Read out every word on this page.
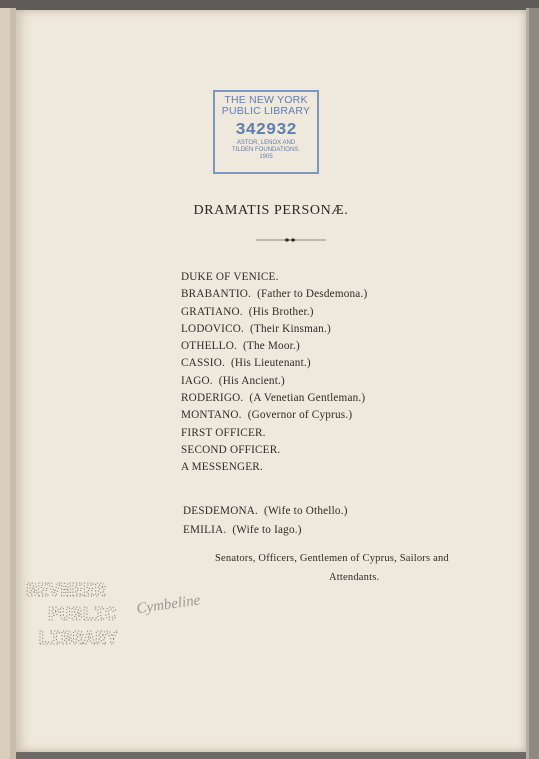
THE NEW YORK
PUBLIC LIBRARY
342932
ASTOR, LENOX AND
TILDEN FOUNDATIONS.
1905
DRAMATIS PERSONÆ.
DUKE OF VENICE.
BRABANTIO. (Father to Desdemona.)
GRATIANO. (His Brother.)
LODOVICO. (Their Kinsman.)
OTHELLO. (The Moor.)
CASSIO. (His Lieutenant.)
IAGO. (His Ancient.)
RODERIGO. (A Venetian Gentleman.)
MONTANO. (Governor of Cyprus.)
FIRST OFFICER.
SECOND OFFICER.
A MESSENGER.
DESDEMONA. (Wife to Othello.)
EMILIA. (Wife to Iago.)
Senators, Officers, Gentlemen of Cyprus, Sailors and
Attendants.
BEVNEER
PUBLIC
LIBRARY
Cymbeline
